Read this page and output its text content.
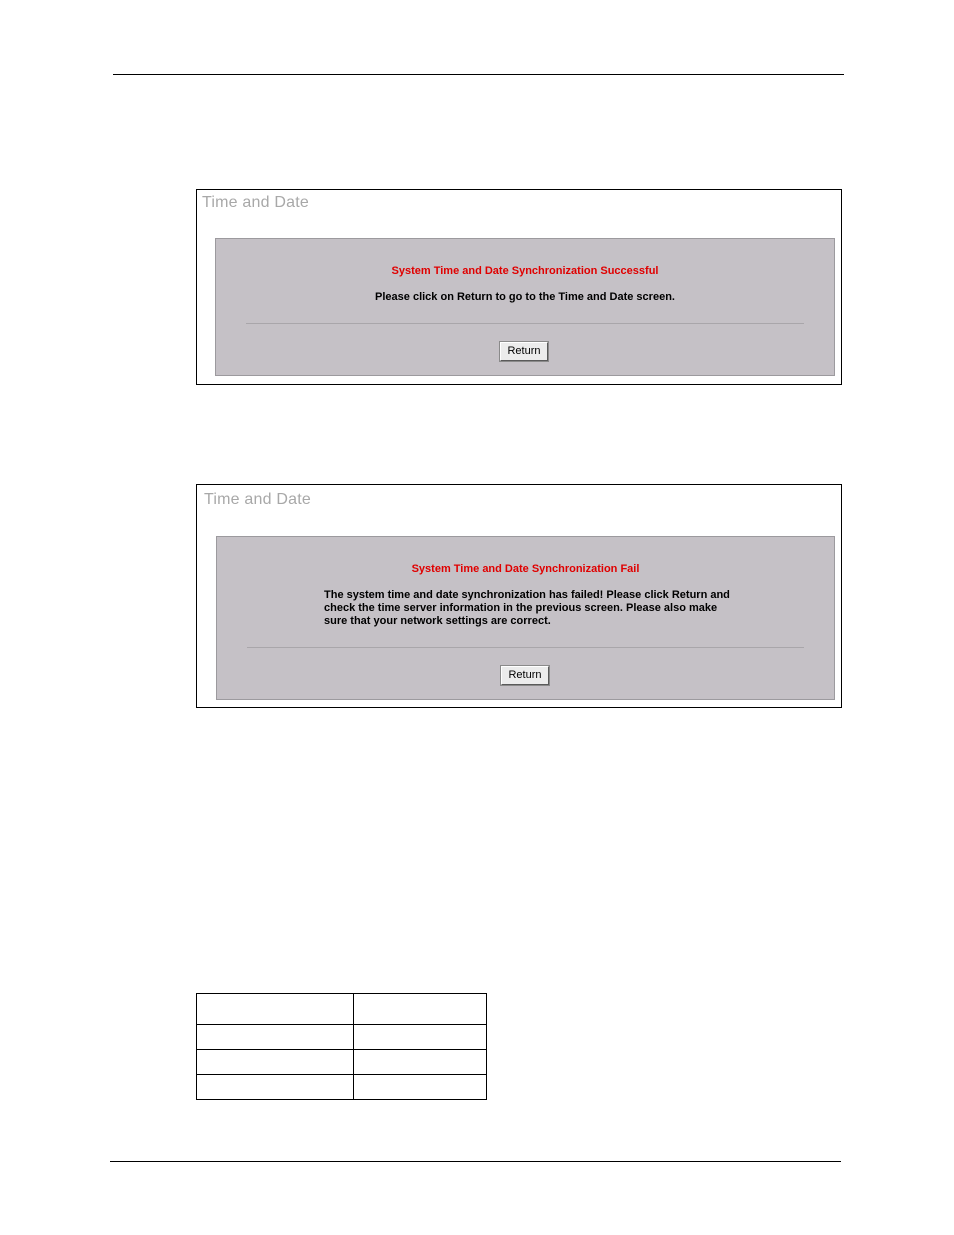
Time and Date
System Time and Date Synchronization Successful
Please click on Return to go to the Time and Date screen.
Return
Time and Date
System Time and Date Synchronization Fail
The system time and date synchronization has failed! Please click Return and check the time server information in the previous screen. Please also make sure that your network settings are correct.
Return
